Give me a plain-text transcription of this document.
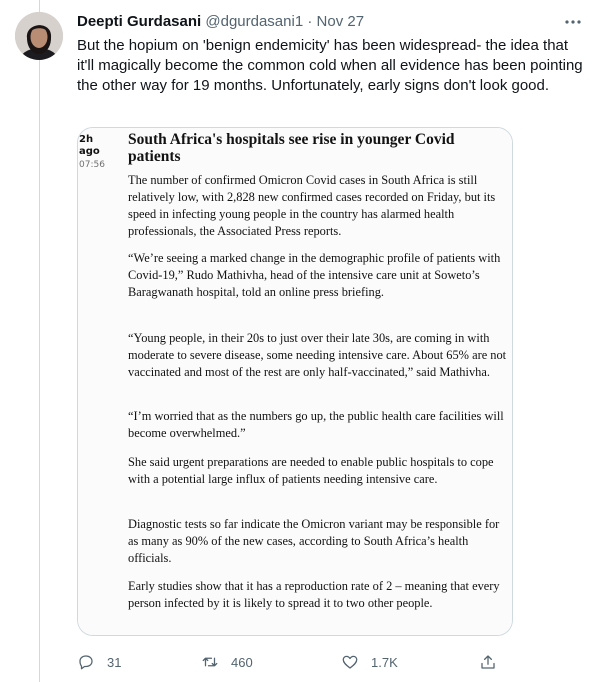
Deepti Gurdasani @dgurdasani1 · Nov 27
But the hopium on 'benign endemicity' has been widespread- the idea that it'll magically become the common cold when all evidence has been pointing the other way for 19 months. Unfortunately, early signs don't look good.
2h ago
07:56
South Africa's hospitals see rise in younger Covid patients
The number of confirmed Omicron Covid cases in South Africa is still relatively low, with 2,828 new confirmed cases recorded on Friday, but its speed in infecting young people in the country has alarmed health professionals, the Associated Press reports.
“We’re seeing a marked change in the demographic profile of patients with Covid-19,” Rudo Mathivha, head of the intensive care unit at Soweto’s Baragwanath hospital, told an online press briefing.
“Young people, in their 20s to just over their late 30s, are coming in with moderate to severe disease, some needing intensive care. About 65% are not vaccinated and most of the rest are only half-vaccinated,” said Mathivha.
“I’m worried that as the numbers go up, the public health care facilities will become overwhelmed.”
She said urgent preparations are needed to enable public hospitals to cope with a potential large influx of patients needing intensive care.
Diagnostic tests so far indicate the Omicron variant may be responsible for as many as 90% of the new cases, according to South Africa’s health officials.
Early studies show that it has a reproduction rate of 2 – meaning that every person infected by it is likely to spread it to two other people.
31	460	1.7K
